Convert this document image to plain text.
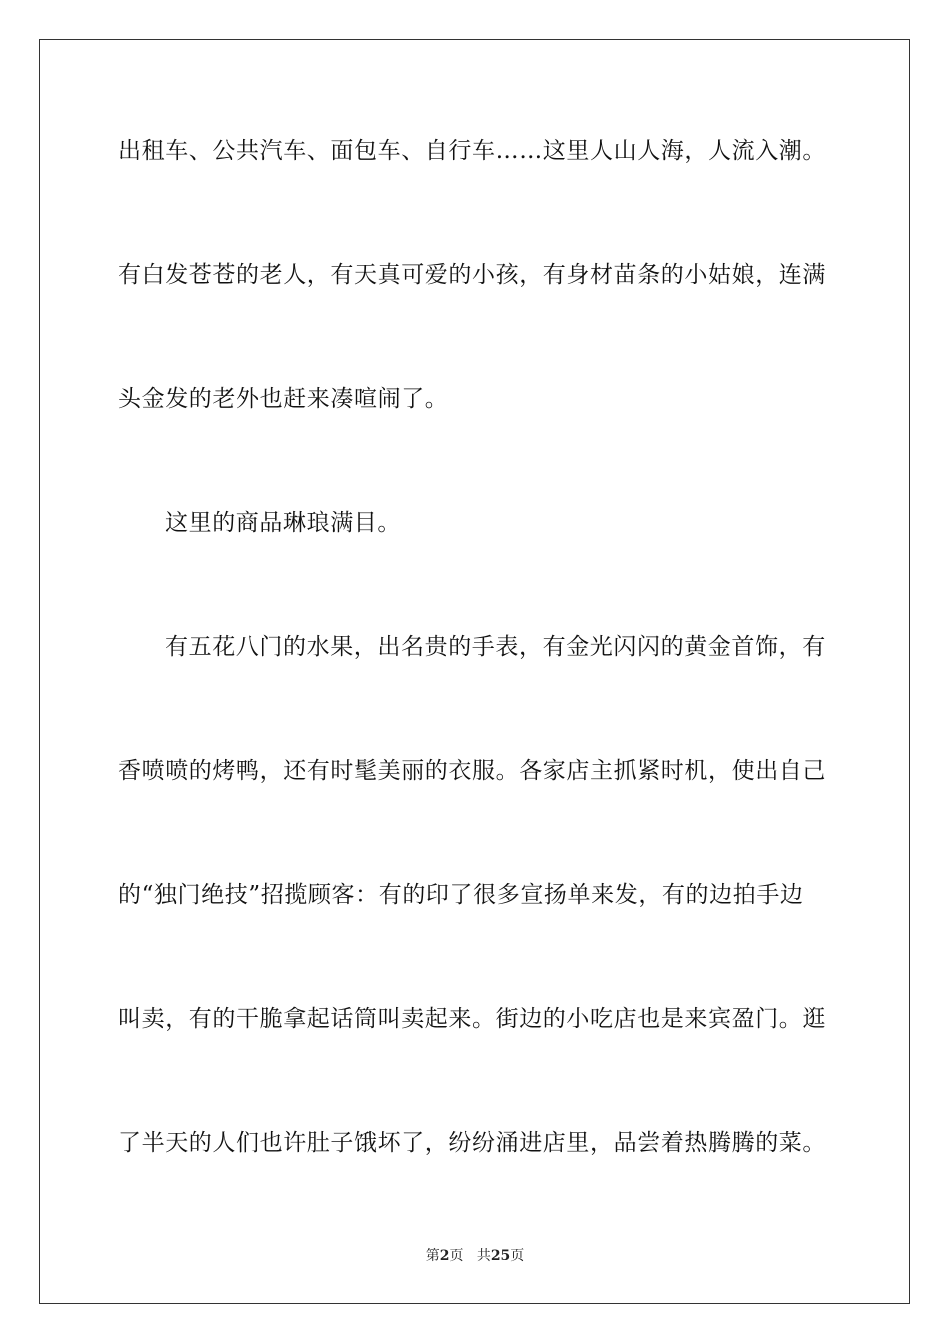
出租车、公共汽车、面包车、自行车……这里人山人海，人流入潮。
有白发苍苍的老人，有天真可爱的小孩，有身材苗条的小姑娘，连满
头金发的老外也赶来凑喧闹了。
这里的商品琳琅满目。
有五花八门的水果，出名贵的手表，有金光闪闪的黄金首饰，有
香喷喷的烤鸭，还有时髦美丽的衣服。各家店主抓紧时机，使出自己
的“独门绝技”招揽顾客：有的印了很多宣扬单来发，有的边拍手边
叫卖，有的干脆拿起话筒叫卖起来。街边的小吃店也是来宾盈门。逛
了半天的人们也许肚子饿坏了，纷纷涌进店里，品尝着热腾腾的菜。
第2页 共25页
